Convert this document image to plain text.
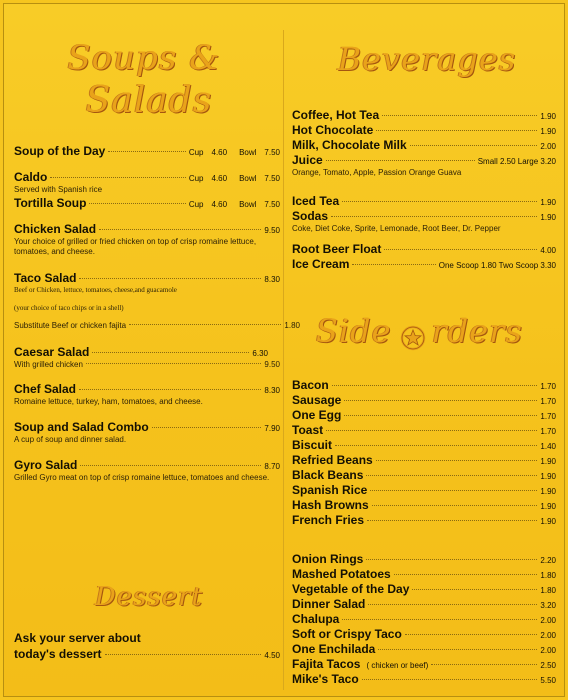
Soups &
Salads
Soup of the Day	Cup 4.60 Bowl 7.50
Caldo	Cup 4.60 Bowl 7.50
Served with Spanish rice
Tortilla Soup	Cup 4.60 Bowl 7.50
Chicken Salad	9.50
Your choice of grilled or fried chicken on top of crisp romaine lettuce, tomatoes, and cheese.
Taco Salad	8.30
Beef or Chicken, lettuce, tomatoes, cheese,and guacamole
(your choice of taco chips or in a shell)
Substitute Beef or chicken fajita	1.80
Caesar Salad	6.30
With grilled chicken	9.50
Chef Salad	8.30
Romaine lettuce, turkey, ham, tomatoes, and cheese.
Soup and Salad Combo	7.90
A cup of soup and dinner salad.
Gyro Salad	8.70
Grilled Gyro meat on top of crisp romaine lettuce, tomatoes and cheese.
Dessert
Ask your server about
today's dessert	4.50
Beverages
Coffee, Hot Tea	1.90
Hot Chocolate	1.90
Milk, Chocolate Milk	2.00
Juice	Small 2.50 Large 3.20
Orange, Tomato, Apple, Passion Orange Guava
Iced Tea	1.90
Sodas	1.90
Coke, Diet Coke, Sprite, Lemonade, Root Beer, Dr. Pepper
Root Beer Float	4.00
Ice Cream	One Scoop 1.80 Two Scoop 3.30
Side rders
Bacon	1.70
Sausage	1.70
One Egg	1.70
Toast	1.70
Biscuit	1.40
Refried Beans	1.90
Black Beans	1.90
Spanish Rice	1.90
Hash Browns	1.90
French Fries	1.90
Onion Rings	2.20
Mashed Potatoes	1.80
Vegetable of the Day	1.80
Dinner Salad	3.20
Chalupa	2.00
Soft or Crispy Taco	2.00
One Enchilada	2.00
Fajita Tacos ( chicken or beef)	2.50
Mike's Taco	5.50
